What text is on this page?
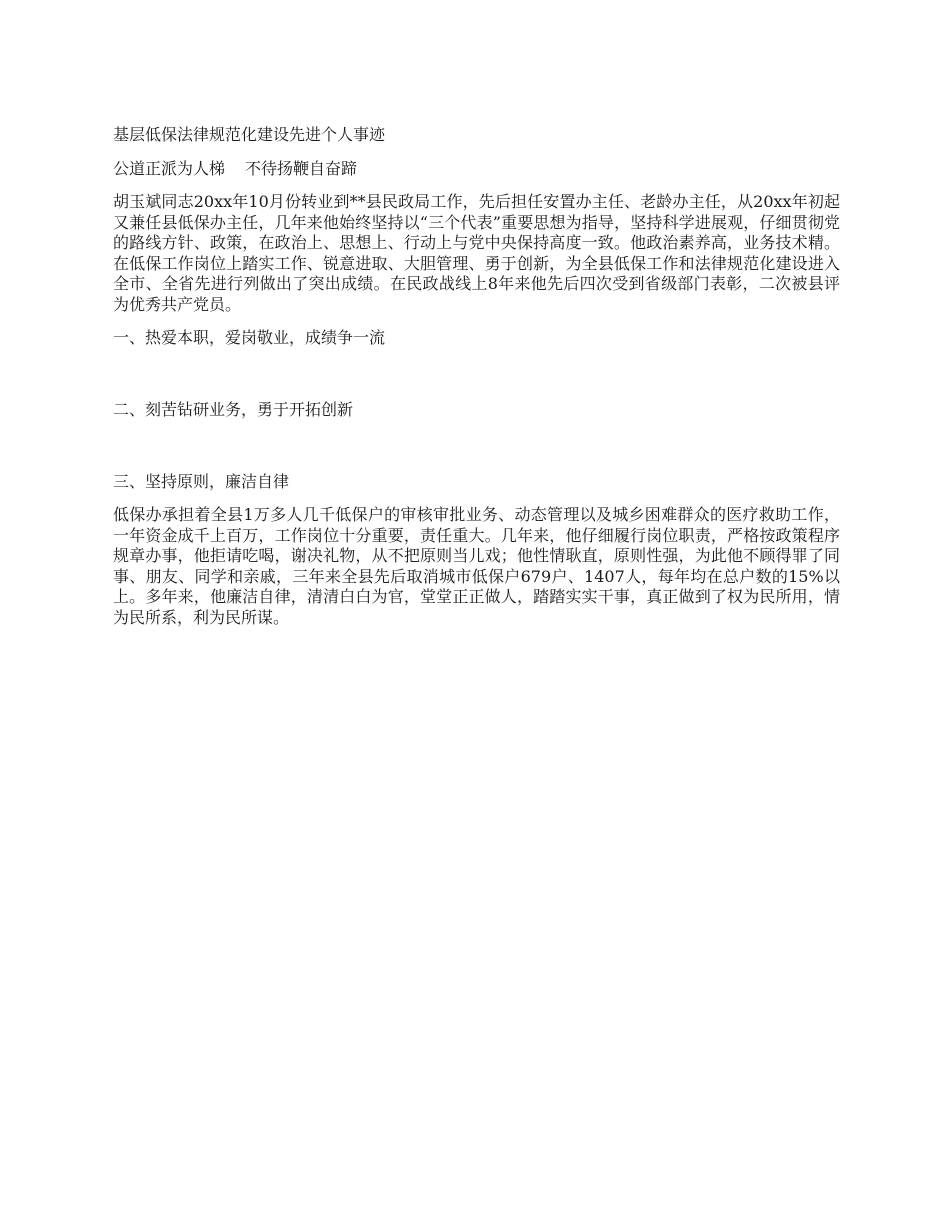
基层低保法律规范化建设先进个人事迹

公道正派为人梯 不待扬鞭自奋蹄

胡玉斌同志20xx年10月份转业到**县民政局工作，先后担任安置办主任、老龄办主任，从20xx年初起又兼任县低保办主任，几年来他始终坚持以“三个代表”重要思想为指导，坚持科学进展观，仔细贯彻党的路线方针、政策，在政治上、思想上、行动上与党中央保持高度一致。他政治素养高，业务技术精。在低保工作岗位上踏实工作、锐意进取、大胆管理、勇于创新，为全县低保工作和法律规范化建设进入全市、全省先进行列做出了突出成绩。在民政战线上8年来他先后四次受到省级部门表彰，二次被县评为优秀共产党员。

一、热爱本职，爱岗敬业，成绩争一流

二、刻苦钻研业务，勇于开拓创新

三、坚持原则，廉洁自律

低保办承担着全县1万多人几千低保户的审核审批业务、动态管理以及城乡困难群众的医疗救助工作，一年资金成千上百万，工作岗位十分重要，责任重大。几年来，他仔细履行岗位职责，严格按政策程序规章办事，他拒请吃喝，谢决礼物，从不把原则当儿戏；他性情耿直，原则性强，为此他不顾得罪了同事、朋友、同学和亲戚，三年来全县先后取消城市低保户679户、1407人，每年均在总户数的15%以上。多年来，他廉洁自律，清清白白为官，堂堂正正做人，踏踏实实干事，真正做到了权为民所用，情为民所系，利为民所谋。
